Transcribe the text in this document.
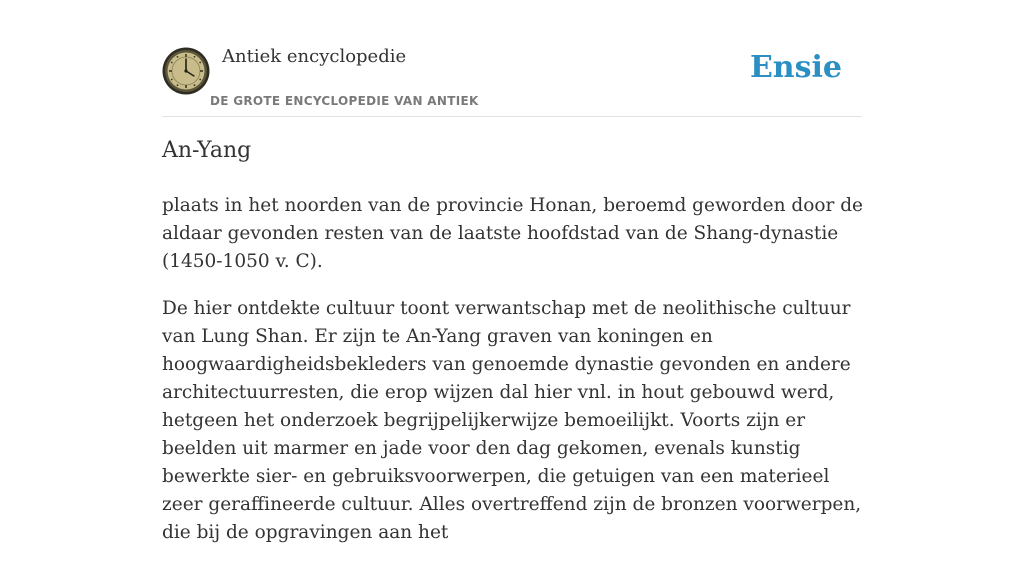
Antiek encyclopedie
DE GROTE ENCYCLOPEDIE VAN ANTIEK
Ensie
An-Yang

plaats in het noorden van de provincie Honan, beroemd geworden door de aldaar gevonden resten van de laatste hoofdstad van de Shang-dynastie (1450-1050 v. C).

De hier ontdekte cultuur toont verwantschap met de neolithische cultuur van Lung Shan. Er zijn te An-Yang graven van koningen en hoogwaardigheidsbekleders van genoemde dynastie gevonden en andere architectuurresten, die erop wijzen dal hier vnl. in hout gebouwd werd, hetgeen het onderzoek begrijpelijkerwijze bemoeilijkt. Voorts zijn er beelden uit marmer en jade voor den dag gekomen, evenals kunstig bewerkte sier- en gebruiksvoorwerpen, die getuigen van een materieel zeer geraffineerde cultuur. Alles overtreffend zijn de bronzen voorwerpen, die bij de opgravingen aan het
